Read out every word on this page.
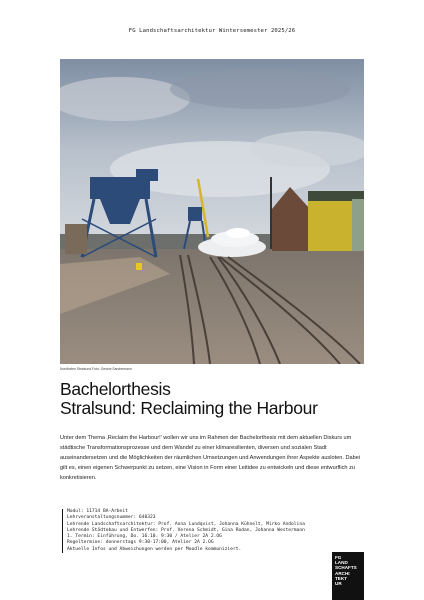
FG Landschaftsarchitektur Wintersemester 2025/26
Nordhafen Stralsund Foto: Gesine Sandermann
Bachelorthesis
Stralsund: Reclaiming the Harbour

Unter dem Thema ‚Reclaim the Harbour!' wollen wir uns im Rahmen der Bachelorthesis mit dem aktuellen Diskurs um städtische Transformationsprozesse und dem Wandel zu einer klimaresilienten, diversen und sozialen Stadt auseinandersetzen und die Möglichkeiten der räumlichen Umsetzungen und Anwendungen ihrer Aspekte ausloten. Dabei gilt es, einen eigenen Schwerpunkt zu setzen, eine Vision in Form einer Leitidee zu entwickeln und diese entwurflich zu konkretisieren.

Modul: 11714 BA-Arbeit
Lehrveranstaltungsnummer: 640323
Lehrende Landschaftsarchitektur: Prof. Anna Lundqvist, Johanna Kühnelt, Mirko Andolina
Lehrende Städtebau und Entwerfen: Prof. Verena Schmidt, Gina Rodan, Johanna Westermann
1. Termin: Einführung, Do. 16.10. 9:30 / Atelier 2A 2.OG
Regeltermine: donnerstags 9:30-17:00, Atelier 2A 2.OG
Aktuelle Infos und Abweichungen werden per Moodle kommuniziert.
FG
LAND
SCHAFTS
ARCHI
TEKT
UR
